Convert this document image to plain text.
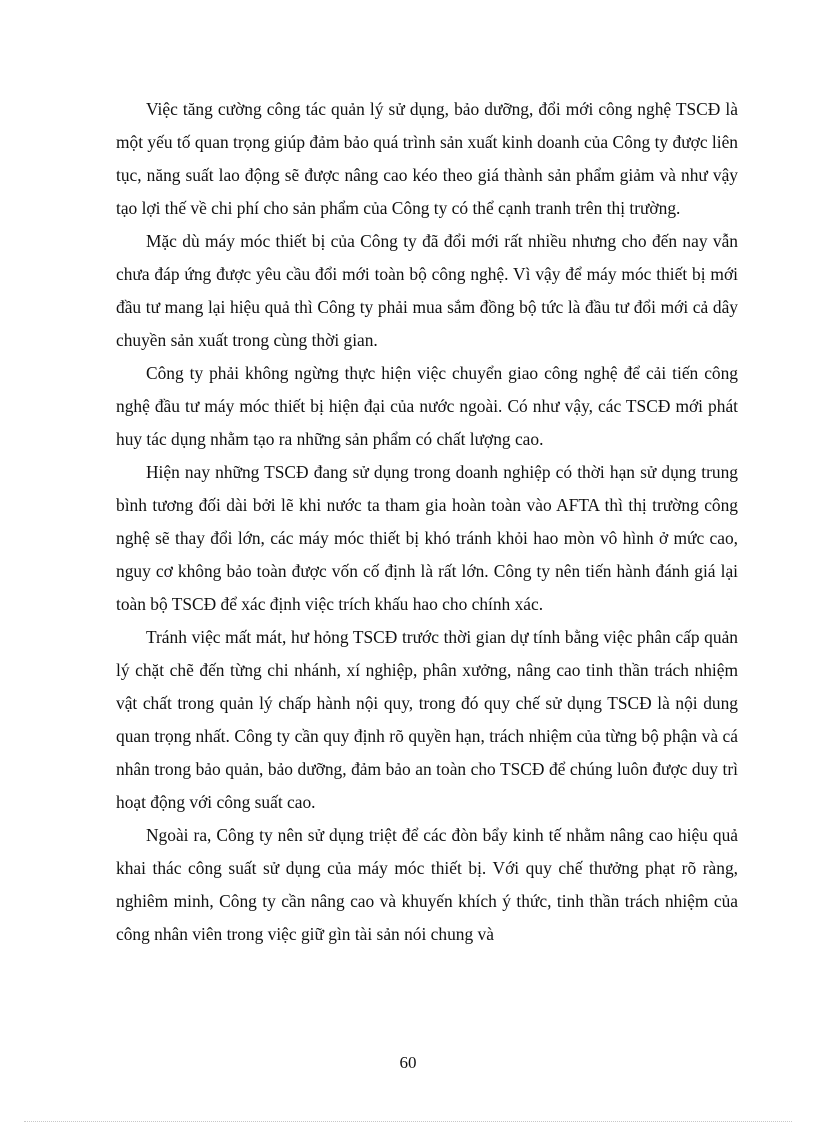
Việc tăng cường công tác quản lý sử dụng, bảo dưỡng, đổi mới công nghệ TSCĐ là một yếu tố quan trọng giúp đảm bảo quá trình sản xuất kinh doanh của Công ty được liên tục, năng suất lao động sẽ được nâng cao kéo theo giá thành sản phẩm giảm và như vậy tạo lợi thế về chi phí cho sản phẩm của Công ty có thể cạnh tranh trên thị trường.

Mặc dù máy móc thiết bị của Công ty đã đổi mới rất nhiều nhưng cho đến nay vẫn chưa đáp ứng được yêu cầu đổi mới toàn bộ công nghệ. Vì vậy để máy móc thiết bị mới đầu tư mang lại hiệu quả thì Công ty phải mua sắm đồng bộ tức là đầu tư đổi mới cả dây chuyền sản xuất trong cùng thời gian.

Công ty phải không ngừng thực hiện việc chuyển giao công nghệ để cải tiến công nghệ đầu tư máy móc thiết bị hiện đại của nước ngoài. Có như vậy, các TSCĐ mới phát huy tác dụng nhằm tạo ra những sản phẩm có chất lượng cao.

Hiện nay những TSCĐ đang sử dụng trong doanh nghiệp có thời hạn sử dụng trung bình tương đối dài bởi lẽ khi nước ta tham gia hoàn toàn vào AFTA thì thị trường công nghệ sẽ thay đổi lớn, các máy móc thiết bị khó tránh khỏi hao mòn vô hình ở mức cao, nguy cơ không bảo toàn được vốn cố định là rất lớn. Công ty nên tiến hành đánh giá lại toàn bộ TSCĐ để xác định việc trích khấu hao cho chính xác.

Tránh việc mất mát, hư hỏng TSCĐ trước thời gian dự tính bằng việc phân cấp quản lý chặt chẽ đến từng chi nhánh, xí nghiệp, phân xưởng, nâng cao tinh thần trách nhiệm vật chất trong quản lý chấp hành nội quy, trong đó quy chế sử dụng TSCĐ là nội dung quan trọng nhất. Công ty cần quy định rõ quyền hạn, trách nhiệm của từng bộ phận và cá nhân trong bảo quản, bảo dưỡng, đảm bảo an toàn cho TSCĐ để chúng luôn được duy trì hoạt động với công suất cao.

Ngoài ra, Công ty nên sử dụng triệt để các đòn bẩy kinh tế nhằm nâng cao hiệu quả khai thác công suất sử dụng của máy móc thiết bị. Với quy chế thưởng phạt rõ ràng, nghiêm minh, Công ty cần nâng cao và khuyến khích ý thức, tinh thần trách nhiệm của công nhân viên trong việc giữ gìn tài sản nói chung và

60
